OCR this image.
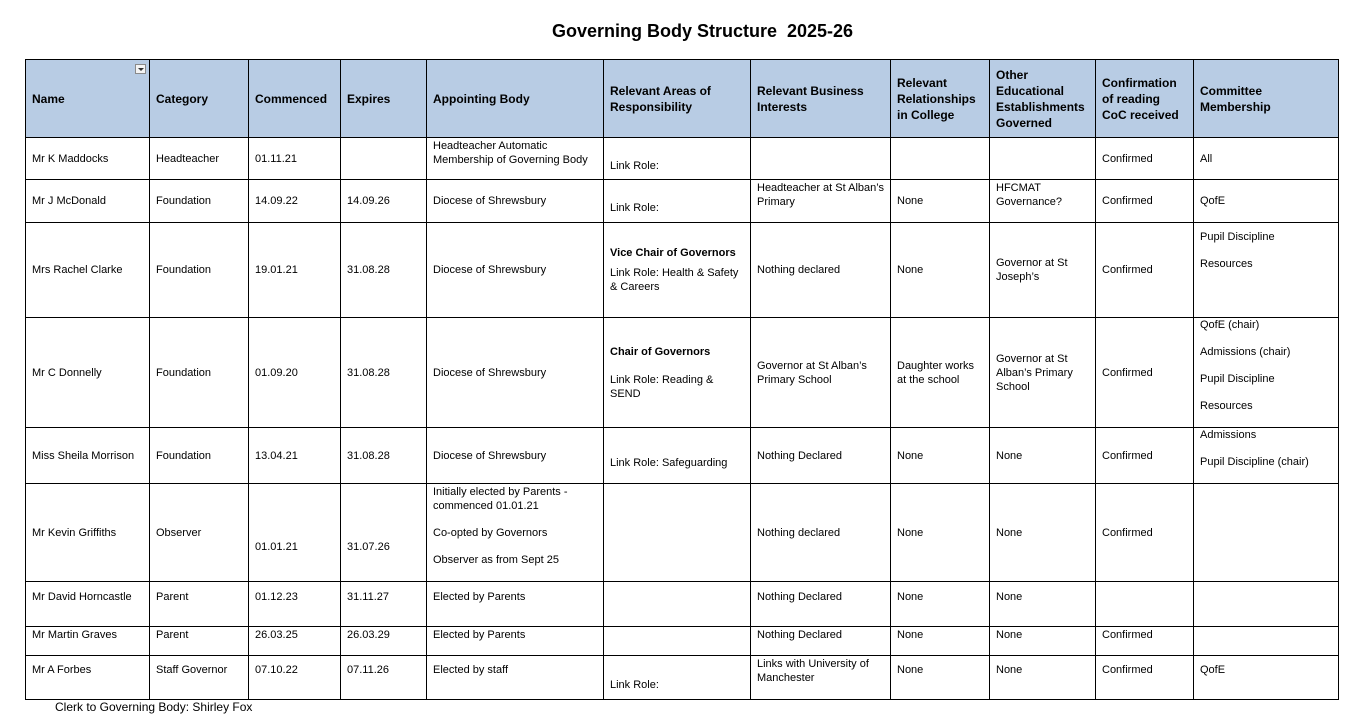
Governing Body Structure  2025-26
Name	Category	Commenced	Expires	Appointing Body	Relevant Areas of Responsibility	Relevant Business Interests	Relevant Relationships in College	Other Educational Establishments Governed	Confirmation of reading CoC received	Committee Membership
Mr K Maddocks	Headteacher	01.11.21		Headteacher Automatic Membership of Governing Body	Link Role:				Confirmed	All

Mr J McDonald	Foundation	14.09.22	14.09.26	Diocese of Shrewsbury	Link Role:	Headteacher at St Alban’s Primary	None	HFCMAT Governance?	Confirmed	QofE

Mrs Rachel Clarke	Foundation	19.01.21	31.08.28	Diocese of Shrewsbury	Vice Chair of Governors
Link Role: Health & Safety & Careers	Nothing declared	None	Governor at St Joseph’s	Confirmed	Pupil Discipline
Resources

Mr C Donnelly	Foundation	01.09.20	31.08.28	Diocese of Shrewsbury	Chair of Governors
Link Role: Reading & SEND	Governor at St Alban’s Primary School	Daughter works at the school	Governor at St Alban’s Primary School	Confirmed	QofE (chair)
Admissions (chair)
Pupil Discipline
Resources

Miss Sheila Morrison	Foundation	13.04.21	31.08.28	Diocese of Shrewsbury	Link Role: Safeguarding	Nothing Declared	None	None	Confirmed	Admissions
Pupil Discipline (chair)

Mr Kevin Griffiths	Observer	01.01.21	31.07.26	Initially elected by Parents - commenced 01.01.21
Co-opted by Governors
Observer as from Sept 25		Nothing declared	None	None	Confirmed	
Mr David Horncastle	Parent	01.12.23	31.11.27	Elected by Parents		Nothing Declared	None	None		
Mr Martin Graves	Parent	26.03.25	26.03.29	Elected by Parents		Nothing Declared	None	None	Confirmed	
Mr A Forbes	Staff Governor	07.10.22	07.11.26	Elected by staff	Link Role:	Links with University of Manchester	None	None	Confirmed	QofE
Clerk to Governing Body: Shirley Fox
